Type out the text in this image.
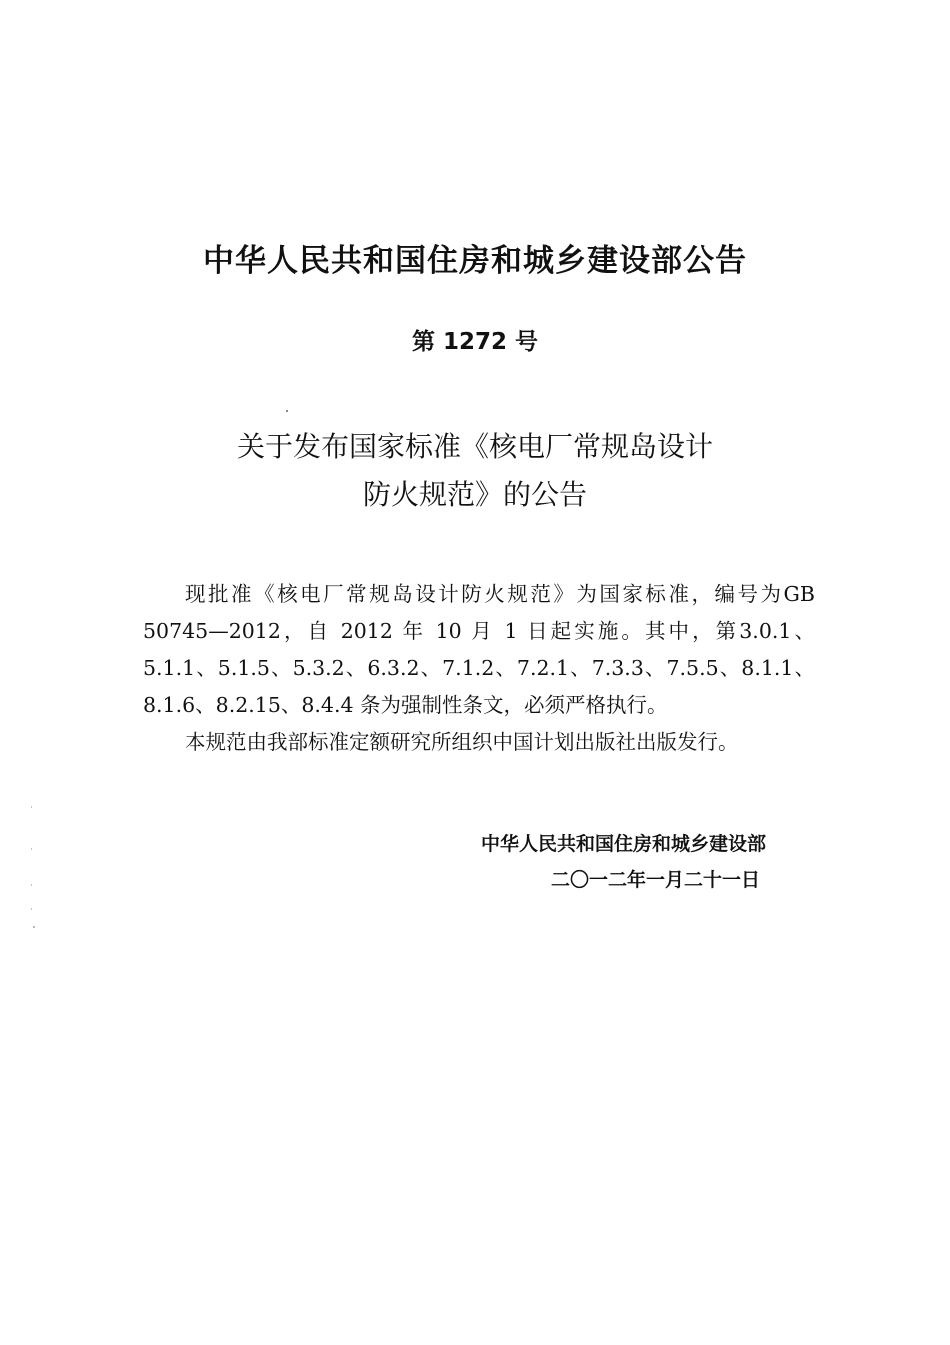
中华人民共和国住房和城乡建设部公告
第 1272 号
关于发布国家标准《核电厂常规岛设计
防火规范》的公告

现批准《核电厂常规岛设计防火规范》为国家标准，编号为GB 50745—2012，自 2012 年 10 月 1 日起实施。其中，第3.0.1、5.1.1、5.1.5、5.3.2、6.3.2、7.1.2、7.2.1、7.3.3、7.5.5、8.1.1、8.1.6、8.2.15、8.4.4 条为强制性条文，必须严格执行。

本规范由我部标准定额研究所组织中国计划出版社出版发行。

中华人民共和国住房和城乡建设部
二〇一二年一月二十一日
